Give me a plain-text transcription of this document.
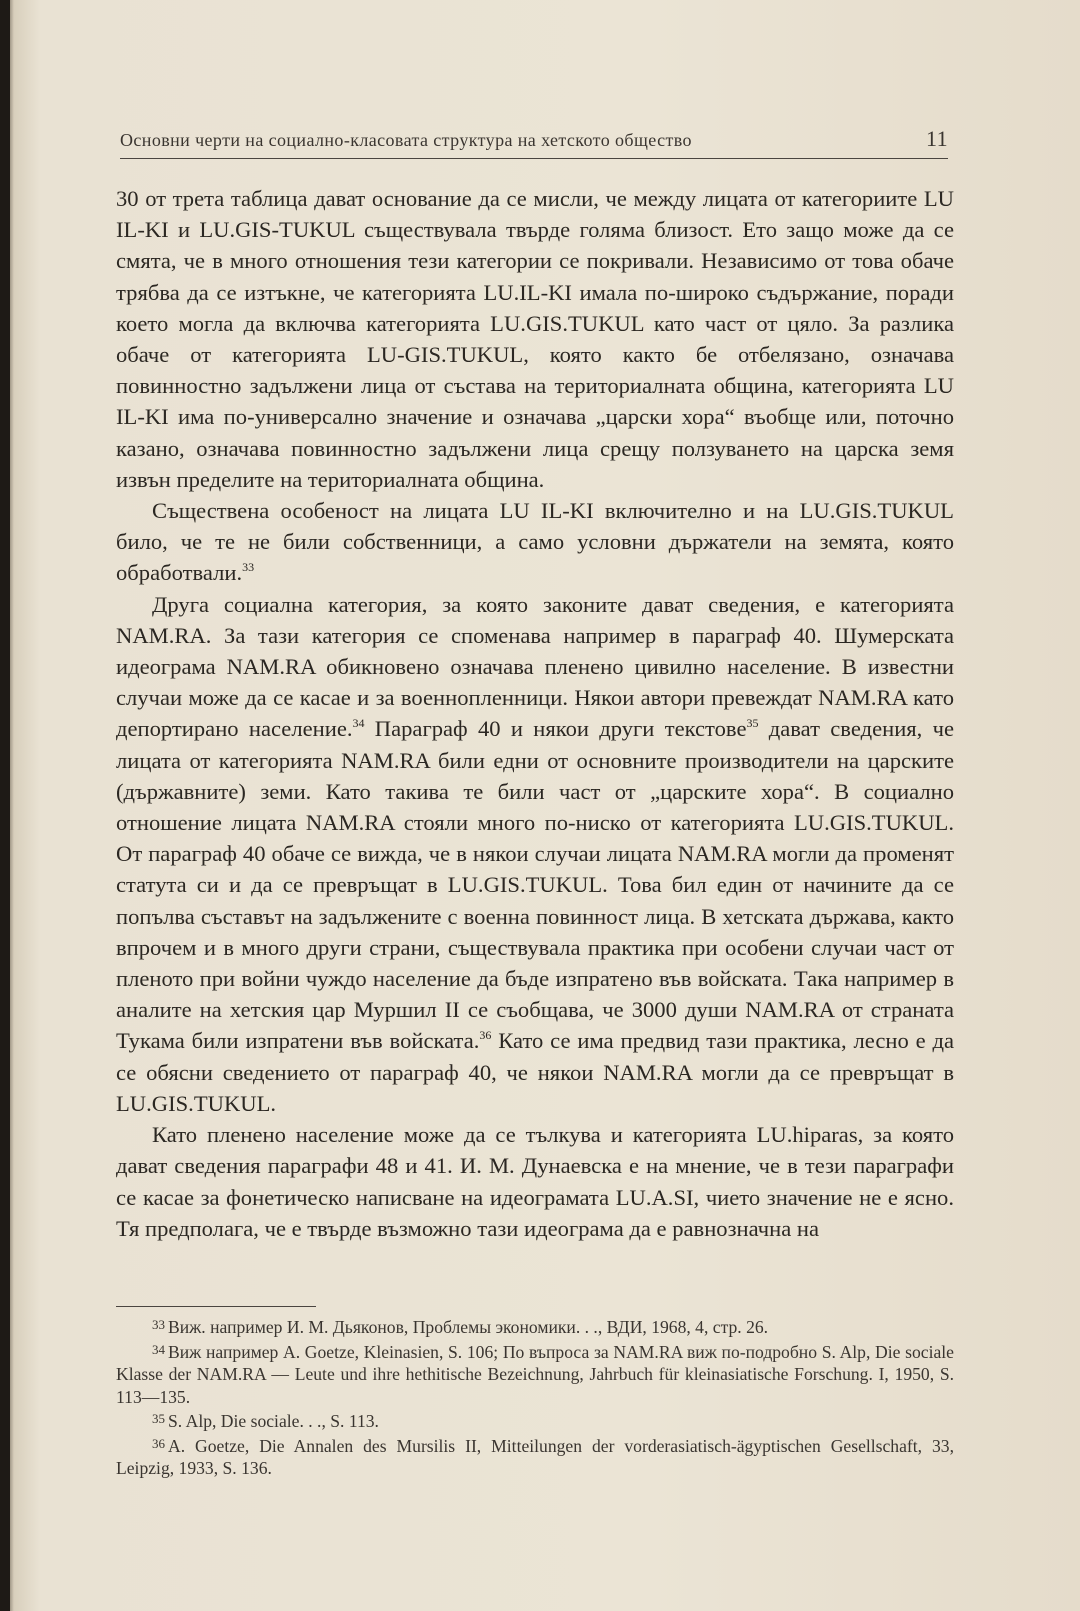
Основни черти на социално-класовата структура на хетското общество	11

30 от трета таблица дават основание да се мисли, че между лицата от категориите LU IL-KI и LU.GIS-TUKUL съществувала твърде голяма близост. Ето защо може да се смята, че в много отношения тези категории се покривали. Независимо от това обаче трябва да се изтъкне, че категорията LU.IL-KI имала по-широко съдържание, поради което могла да включва категорията LU.GIS.TUKUL като част от цяло. За разлика обаче от категорията LU-GIS.TUKUL, която както бе отбелязано, означава повинностно задължени лица от състава на териториалната община, категорията LU IL-KI има по-универсално значение и означава „царски хора“ въобще или, поточно казано, означава повинностно задължени лица срещу ползуването на царска земя извън пределите на териториалната община.

Съществена особеност на лицата LU IL-KI включително и на LU.GIS.TUKUL било, че те не били собственници, а само условни държатели на земята, която обработвали.$^{33}$

Друга социална категория, за която законите дават сведения, е категорията NAM.RA. За тази категория се споменава например в параграф 40. Шумерската идеограма NAM.RA обикновено означава пленено цивилно население. В известни случаи може да се касае и за военнопленници. Някои автори превеждат NAM.RA като депортирано население.$^{34}$ Параграф 40 и някои други текстове$^{35}$ дават сведения, че лицата от категорията NAM.RA били едни от основните производители на царските (държавните) земи. Като такива те били част от „царските хора“. В социално отношение лицата NAM.RA стояли много по-ниско от категорията LU.GIS.TUKUL. От параграф 40 обаче се вижда, че в някои случаи лицата NAM.RA могли да променят статута си и да се превръщат в LU.GIS.TUKUL. Това бил един от начините да се попълва съставът на задължените с военна повинност лица. В хетската държава, както впрочем и в много други страни, съществувала практика при особени случаи част от пленото при войни чуждо население да бъде изпратено във войската. Така например в аналите на хетския цар Муршил II се съобщава, че 3000 души NAM.RA от страната Тукама били изпратени във войската.$^{36}$ Като се има предвид тази практика, лесно е да се обясни сведението от параграф 40, че някои NAM.RA могли да се превръщат в LU.GIS.TUKUL.

Като пленено население може да се тълкува и категорията LU.hiparas, за която дават сведения параграфи 48 и 41. И. М. Дунаевска е на мнение, че в тези параграфи се касае за фонетическо написване на идеограмата LU.A.SI, чието значение не е ясно. Тя предполага, че е твърде възможно тази идеограма да е равнозначна на

$^{33}$ Виж. например И. М. Дьяконов, Проблемы экономики. . ., ВДИ, 1968, 4, стр. 26.

$^{34}$ Виж например A. Goetze, Kleinasien, S. 106; По въпроса за NAM.RA виж по-подробно S. Alp, Die sociale Klasse der NAM.RA — Leute und ihre hethitische Bezeichnung, Jahrbuch für kleinasiatische Forschung. I, 1950, S. 113—135.

$^{35}$ S. Alp, Die sociale. . ., S. 113.

$^{36}$ A. Goetze, Die Annalen des Mursilis II, Mitteilungen der vorderasiatisch-ägyptischen Gesellschaft, 33, Leipzig, 1933, S. 136.
